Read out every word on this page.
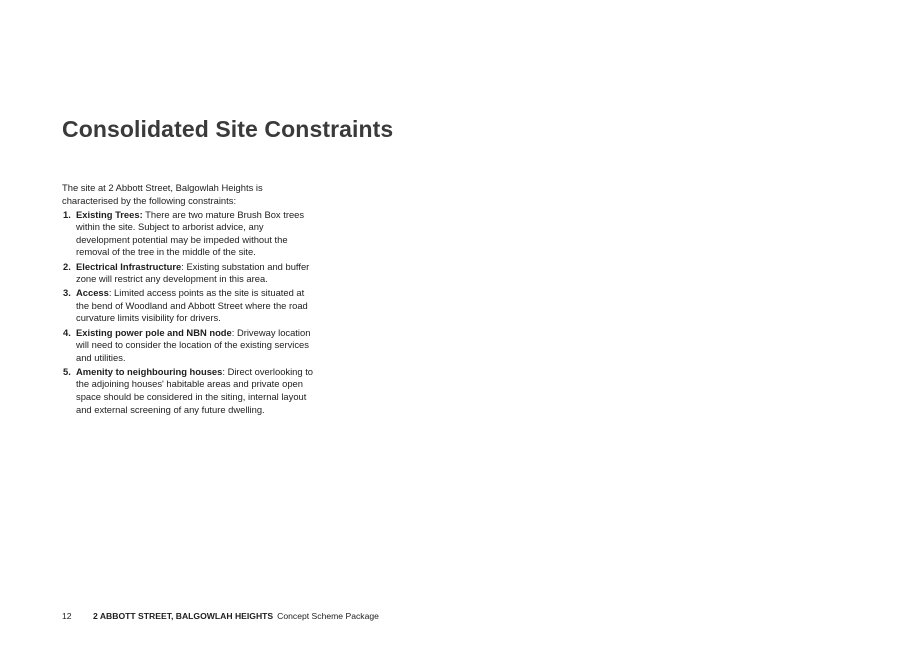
Consolidated Site Constraints

The site at 2 Abbott Street, Balgowlah Heights is characterised by the following constraints:

1. Existing Trees: There are two mature Brush Box trees within the site. Subject to arborist advice, any development potential may be impeded without the removal of the tree in the middle of the site.
2. Electrical Infrastructure: Existing substation and buffer zone will restrict any development in this area.
3. Access: Limited access points as the site is situated at the bend of Woodland and Abbott Street where the road curvature limits visibility for drivers.
4. Existing power pole and NBN node: Driveway location will need to consider the location of the existing services and utilities.
5. Amenity to neighbouring houses: Direct overlooking to the adjoining houses' habitable areas and private open space should be considered in the siting, internal layout and external screening of any future dwelling.
12 2 ABBOTT STREET, BALGOWLAH HEIGHTS Concept Scheme Package
